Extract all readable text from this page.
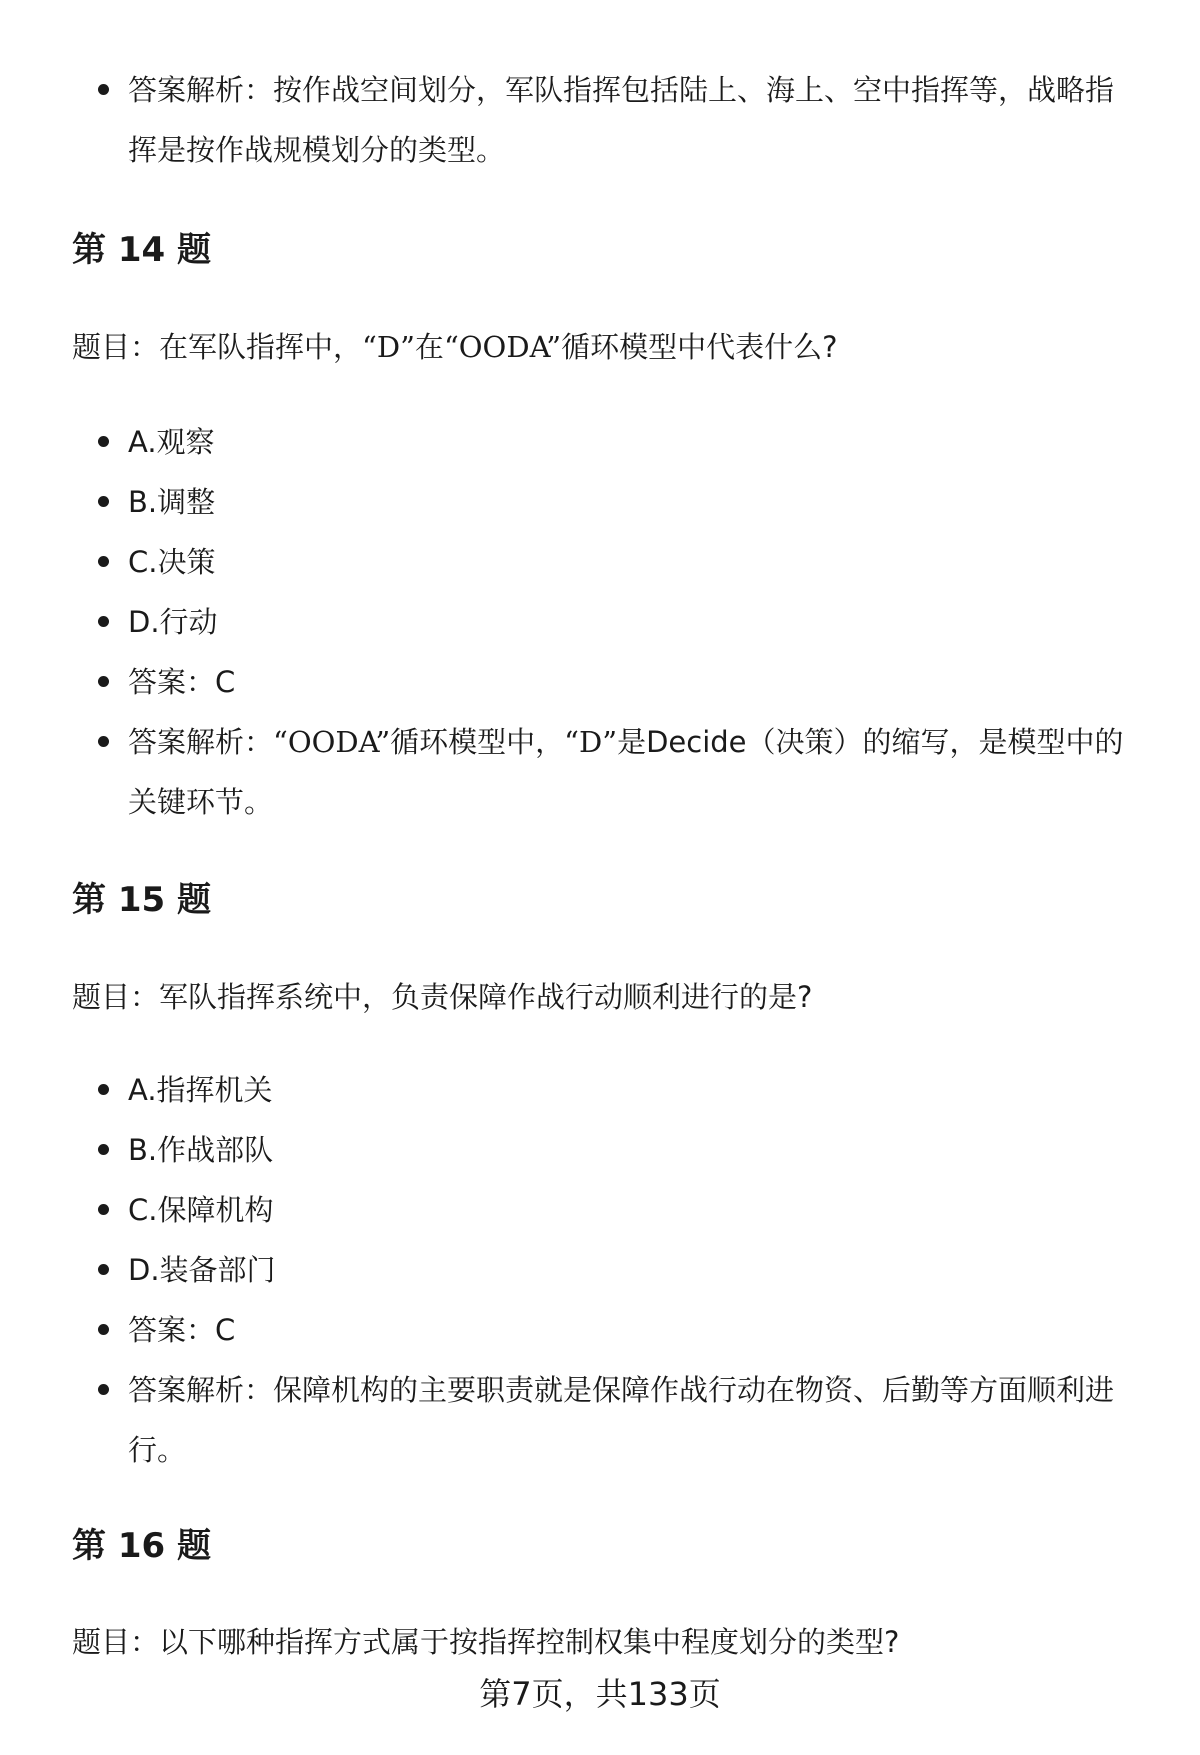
答案解析：按作战空间划分，军队指挥包括陆上、海上、空中指挥等，战略指挥是按作战规模划分的类型。
第 14 题

题目：在军队指挥中，“D”在“OODA”循环模型中代表什么?

A.观察
B.调整
C.决策
D.行动
答案：C
答案解析：“OODA”循环模型中，“D”是Decide（决策）的缩写，是模型中的关键环节。
第 15 题

题目：军队指挥系统中，负责保障作战行动顺利进行的是?

A.指挥机关
B.作战部队
C.保障机构
D.装备部门
答案：C
答案解析：保障机构的主要职责就是保障作战行动在物资、后勤等方面顺利进行。
第 16 题

题目：以下哪种指挥方式属于按指挥控制权集中程度划分的类型?

第7页，共133页
